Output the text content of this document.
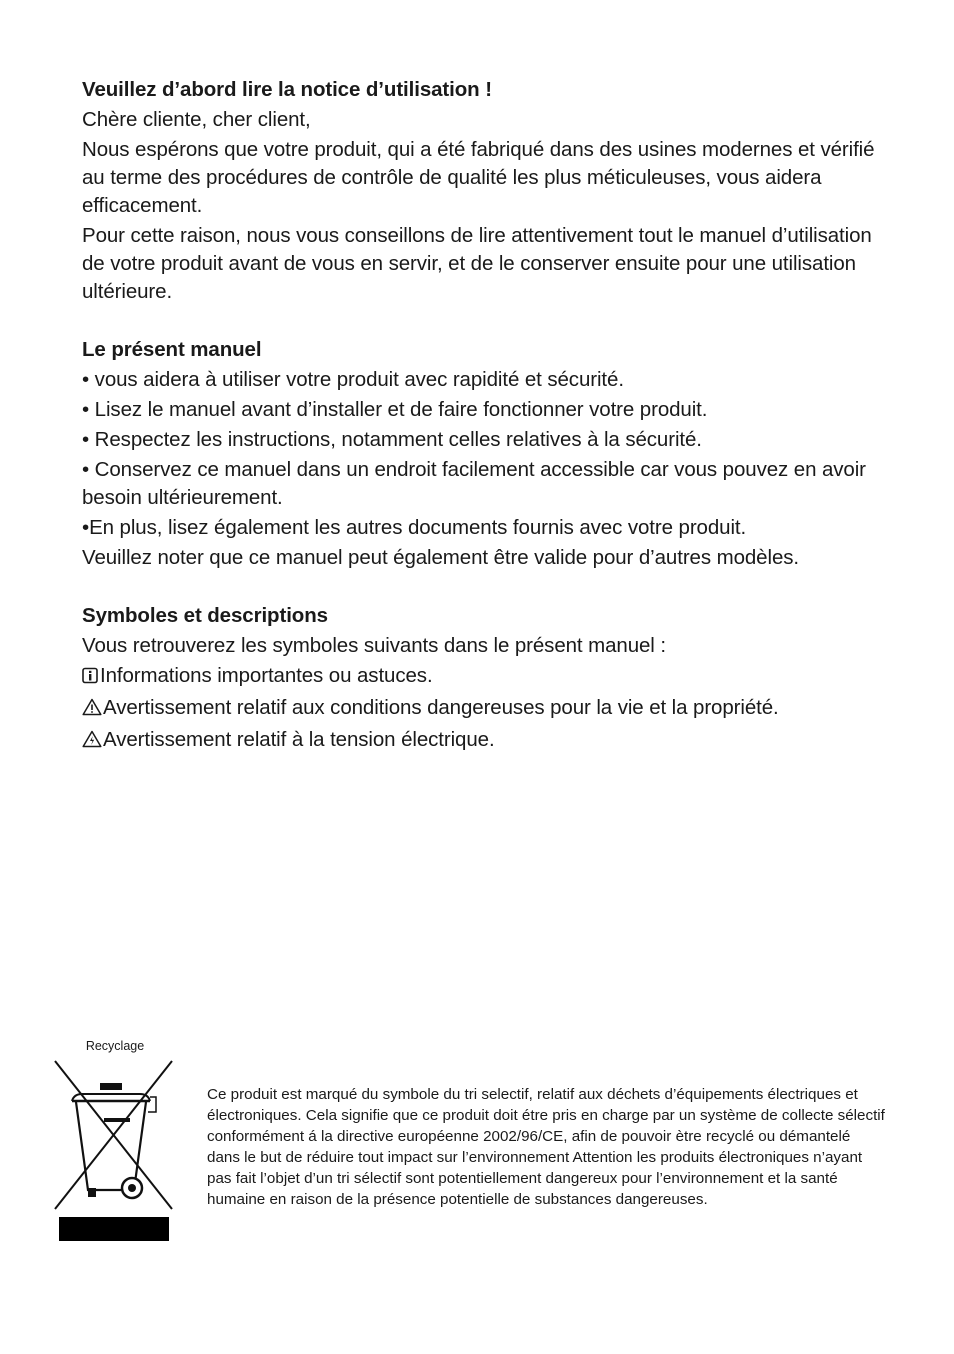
Veuillez d’abord lire la notice d’utilisation !

Chère cliente, cher client,

Nous espérons que votre produit, qui a été fabriqué dans des usines modernes et vérifié au terme des procédures de contrôle de qualité les plus méticuleuses, vous aidera efficacement.

Pour cette raison, nous vous conseillons de lire attentivement tout le manuel d’utilisation de votre produit avant de vous en servir, et de le conserver ensuite pour une utilisation ultérieure.

Le présent manuel

• vous aidera à utiliser votre produit avec rapidité et sécurité.

• Lisez le manuel avant d’installer et de faire fonctionner votre produit.

• Respectez les instructions, notamment celles relatives à la sécurité.

• Conservez ce manuel dans un endroit facilement accessible car vous pouvez en avoir besoin ultérieurement.

•En plus, lisez également les autres documents fournis avec votre produit.

Veuillez noter que ce manuel peut également être valide pour d’autres modèles.

Symboles et descriptions

Vous retrouverez les symboles suivants dans le présent manuel :

Informations importantes ou astuces.

Avertissement relatif aux conditions dangereuses pour la vie et la propriété.

Avertissement relatif à la tension électrique.

Recyclage

Ce produit est marqué du symbole du tri selectif, relatif aux déchets d’équipements électriques et électroniques. Cela signifie que ce produit doit étre pris en charge par un système de collecte sélectif conformément á la directive européenne 2002/96/CE, afin de pouvoir ètre recyclé ou démantelé dans le but de réduire tout impact sur l’environnement Attention les produits électroniques n’ayant pas fait l’objet d’un tri sélectif sont potentiellement dangereux pour l’environnement et la santé humaine en raison de la présence potentielle de substances dangereuses.
